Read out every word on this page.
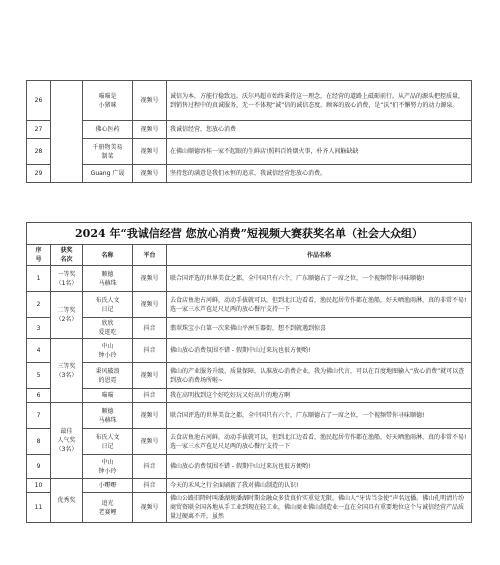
26		喵喵是
小猪咪	视频号	诚信为本，方能行稳致远。沃尔玛超市始终秉持这一理念，在经营的道路上砥砺前行。从产品的源头把控质量，到销售过程中的真诚服务，无一不体现“诚”信的诚信态度。顾客的放心消费，是“沃”们不懈努力的动力源泉。
27		佛心医药	视频号	我诚信经营，您放心消费
28		千册物美易
制菜	视频号	在佛山顺德容桂一家不起眼的生鲜店!照料百姓烟火事，朴齐人间觞缺缺
29		Guang 广晟	视频号	坚持您的满意是我们永恒的追求，我诚信经营您放心消费。
2024 年“我诚信经营 您放心消费”短视频大赛获奖名单（社会大众组）
序
号	获奖
名次	名称	平台	作品名称
1	一等奖
（1名）	顺德
马赫珠	视频号	联合国评选的世界美食之都，全中国只有六个，广东顺德占了一席之位，一个视频带你寻味顺德!
2	二等奖
（2名）	布氏人文
日记	视频号	去食店鱼池占河鲜，动动手拔就可以，但到北江边看看，渔民起居劳作都在渔船，好天晒渔雨淋，真的非常不易! 选一家三水芦苞足尺足两的放心餐厅支持一下
3		欣欣
爱逛吃	抖音	翡翠珠宝小白第一次来佛山平洲玉器街，想不到就遇到惊喜
4	三等奖
（3名）	中山
钟小玲	抖音	佛山放心消费氛围不错 - 假期中山过来玩也很方便哟!
5		秉风破浪
的恩霓	视频号	佛山的产业服务升级、质量保障，认准放心消费企业，我为佛山代言，可以在百度地图输入“放心消费”就可以查到放心消费场所啦~
6		喵喵	抖音	我在高明找到这个好吃好玩又好出片的地方啊
7	最佳
人气奖
（3名）	顺德
马赫珠	视频号	联合国评选的世界美食之都，全中国只有六个，广东顺德占了一席之位，一个视频带你寻味顺德!
8		布氏人文
日记	视频号	去食店鱼池占河鲜，动动手拔就可以，但到北江边看看，渔民起居劳作都在渔船，好天晒渔雨淋，真的非常不易! 选一家三水芦苞足尺足两的放心餐厅支持一下
9		中山
钟小玲	抖音	佛山放心消费氛围不错 - 假期中山过来玩也很方便哟!
10	优秀奖	小嘢嘢	抖音	今天的禾风之行全面刷新了我对佛山制造的认识!
11		追光
老赛鲤	视频号	佛山公路旧降时叫潘湖规潘湖时期金融众多货真价实重觉无限。佛山人“牙齿当金使”声名远播。佛山孔明清片纷商贸资联全国各地从手工业到现在轻工业，佛山商业佛山制造业一直在全国具有重要地位这个与诚信经营产品质量过硬离不开，虽然
